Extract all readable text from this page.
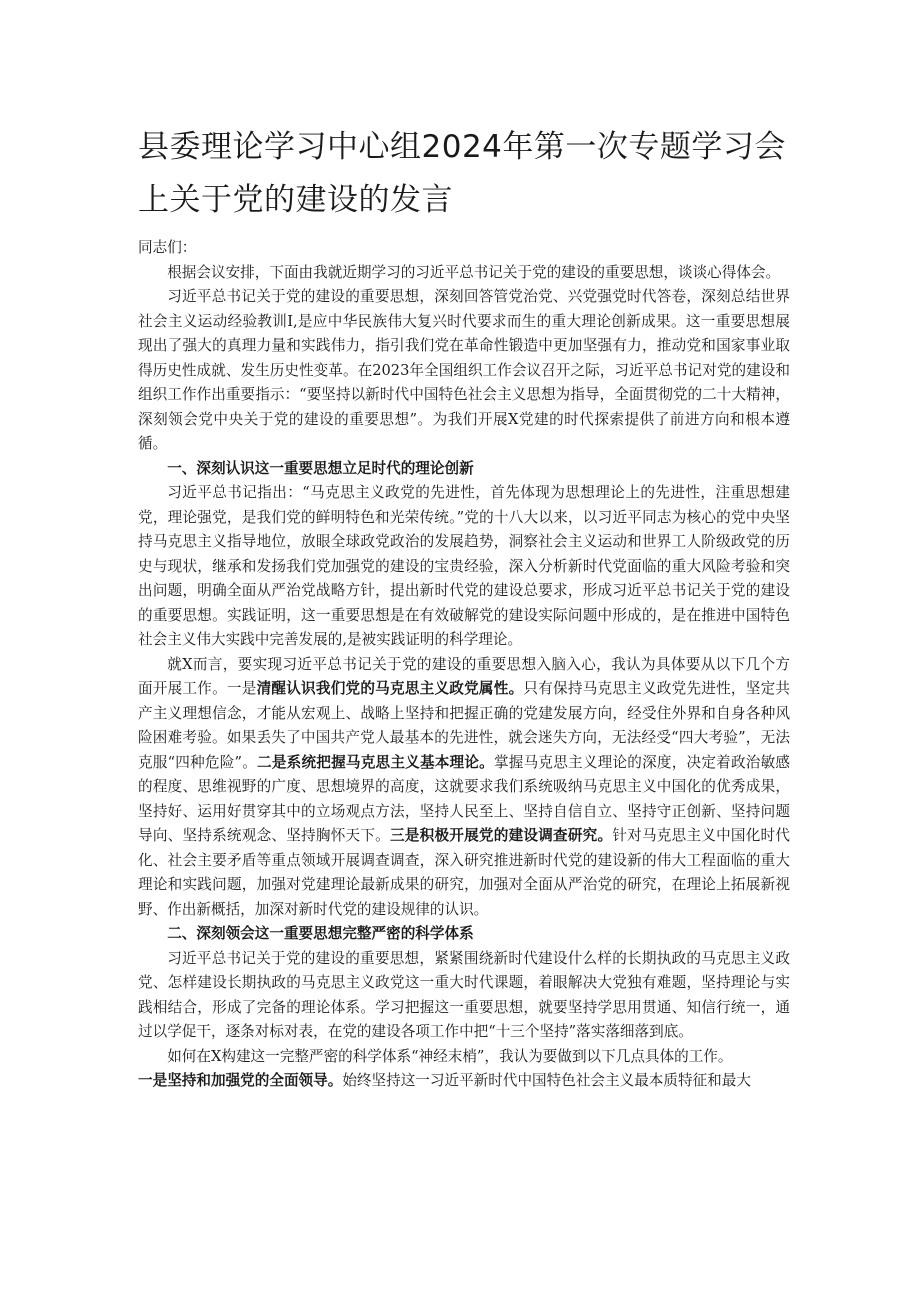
县委理论学习中心组2024年第一次专题学习会上关于党的建设的发言

同志们：

根据会议安排，下面由我就近期学习的习近平总书记关于党的建设的重要思想，谈谈心得体会。

习近平总书记关于党的建设的重要思想，深刻回答管党治党、兴党强党时代答卷，深刻总结世界社会主义运动经验教训I,是应中华民族伟大复兴时代要求而生的重大理论创新成果。这一重要思想展现出了强大的真理力量和实践伟力，指引我们党在革命性锻造中更加坚强有力，推动党和国家事业取得历史性成就、发生历史性变革。在2023年全国组织工作会议召开之际，习近平总书记对党的建设和组织工作作出重要指示：“要坚持以新时代中国特色社会主义思想为指导，全面贯彻党的二十大精神，深刻领会党中央关于党的建设的重要思想”。为我们开展X党建的时代探索提供了前进方向和根本遵循。

一、深刻认识这一重要思想立足时代的理论创新

习近平总书记指出：“马克思主义政党的先进性，首先体现为思想理论上的先进性，注重思想建党，理论强党，是我们党的鲜明特色和光荣传统。”党的十八大以来，以习近平同志为核心的党中央坚持马克思主义指导地位，放眼全球政党政治的发展趋势，洞察社会主义运动和世界工人阶级政党的历史与现状，继承和发扬我们党加强党的建设的宝贵经验，深入分析新时代党面临的重大风险考验和突出问题，明确全面从严治党战略方针，提出新时代党的建设总要求，形成习近平总书记关于党的建设的重要思想。实践证明，这一重要思想是在有效破解党的建设实际问题中形成的，是在推进中国特色社会主义伟大实践中完善发展的,是被实践证明的科学理论。

就X而言，要实现习近平总书记关于党的建设的重要思想入脑入心，我认为具体要从以下几个方面开展工作。一是清醒认识我们党的马克思主义政党属性。只有保持马克思主义政党先进性，坚定共产主义理想信念，才能从宏观上、战略上坚持和把握正确的党建发展方向，经受住外界和自身各种风险困难考验。如果丢失了中国共产党人最基本的先进性，就会迷失方向，无法经受“四大考验”，无法克服“四种危险”。二是系统把握马克思主义基本理论。掌握马克思主义理论的深度，决定着政治敏感的程度、思维视野的广度、思想境界的高度，这就要求我们系统吸纳马克思主义中国化的优秀成果，坚持好、运用好贯穿其中的立场观点方法，坚持人民至上、坚持自信自立、坚持守正创新、坚持问题导向、坚持系统观念、坚持胸怀天下。三是积极开展党的建设调查研究。针对马克思主义中国化时代化、社会主要矛盾等重点领域开展调查调查，深入研究推进新时代党的建设新的伟大工程面临的重大理论和实践问题，加强对党建理论最新成果的研究，加强对全面从严治党的研究，在理论上拓展新视野、作出新概括，加深对新时代党的建设规律的认识。

二、深刻领会这一重要思想完整严密的科学体系

习近平总书记关于党的建设的重要思想，紧紧围绕新时代建设什么样的长期执政的马克思主义政党、怎样建设长期执政的马克思主义政党这一重大时代课题，着眼解决大党独有难题，坚持理论与实践相结合，形成了完备的理论体系。学习把握这一重要思想，就要坚持学思用贯通、知信行统一，通过以学促干，逐条对标对表，在党的建设各项工作中把“十三个坚持”落实落细落到底。

如何在X构建这一完整严密的科学体系“神经末梢”，我认为要做到以下几点具体的工作。

一是坚持和加强党的全面领导。始终坚持这一习近平新时代中国特色社会主义最本质特征和最大
